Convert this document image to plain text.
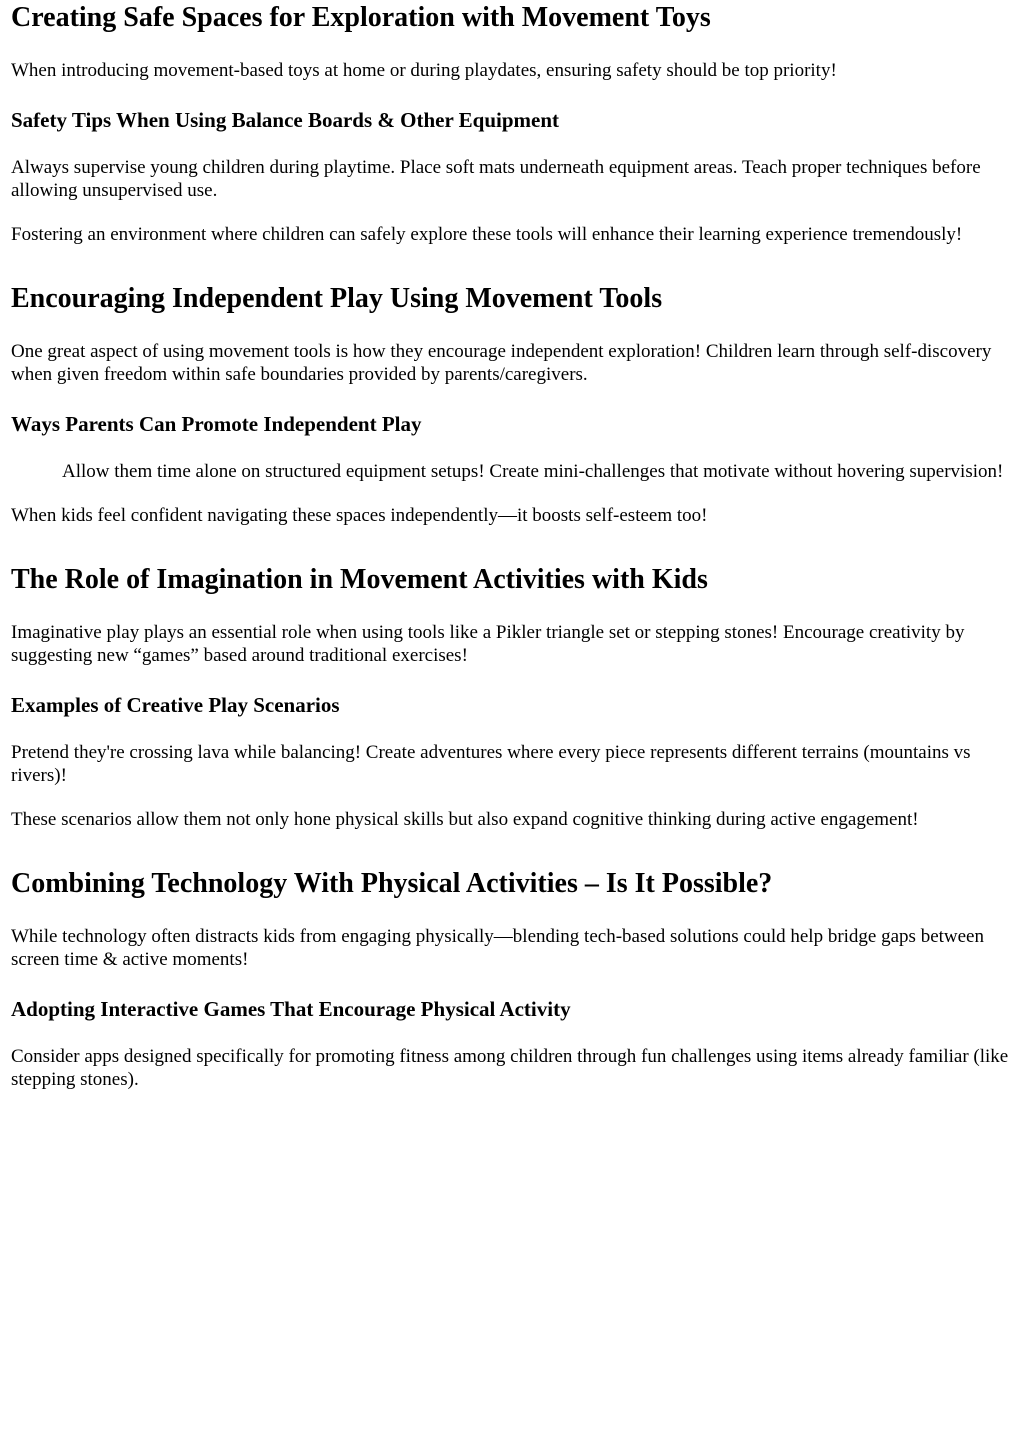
Creating Safe Spaces for Exploration with Movement Toys

When introducing movement-based toys at home or during playdates, ensuring safety should be top priority!

Safety Tips When Using Balance Boards & Other Equipment

Always supervise young children during playtime. Place soft mats underneath equipment areas. Teach proper techniques before allowing unsupervised use.

Fostering an environment where children can safely explore these tools will enhance their learning experience tremendously!

Encouraging Independent Play Using Movement Tools

One great aspect of using movement tools is how they encourage independent exploration! Children learn through self-discovery when given freedom within safe boundaries provided by parents/caregivers.

Ways Parents Can Promote Independent Play
Allow them time alone on structured equipment setups! Create mini-challenges that motivate without hovering supervision!

When kids feel confident navigating these spaces independently—it boosts self-esteem too!

The Role of Imagination in Movement Activities with Kids

Imaginative play plays an essential role when using tools like a Pikler triangle set or stepping stones! Encourage creativity by suggesting new “games” based around traditional exercises!

Examples of Creative Play Scenarios

Pretend they're crossing lava while balancing! Create adventures where every piece represents different terrains (mountains vs rivers)!

These scenarios allow them not only hone physical skills but also expand cognitive thinking during active engagement!

Combining Technology With Physical Activities – Is It Possible?

While technology often distracts kids from engaging physically—blending tech-based solutions could help bridge gaps between screen time & active moments!

Adopting Interactive Games That Encourage Physical Activity

Consider apps designed specifically for promoting fitness among children through fun challenges using items already familiar (like stepping stones).
